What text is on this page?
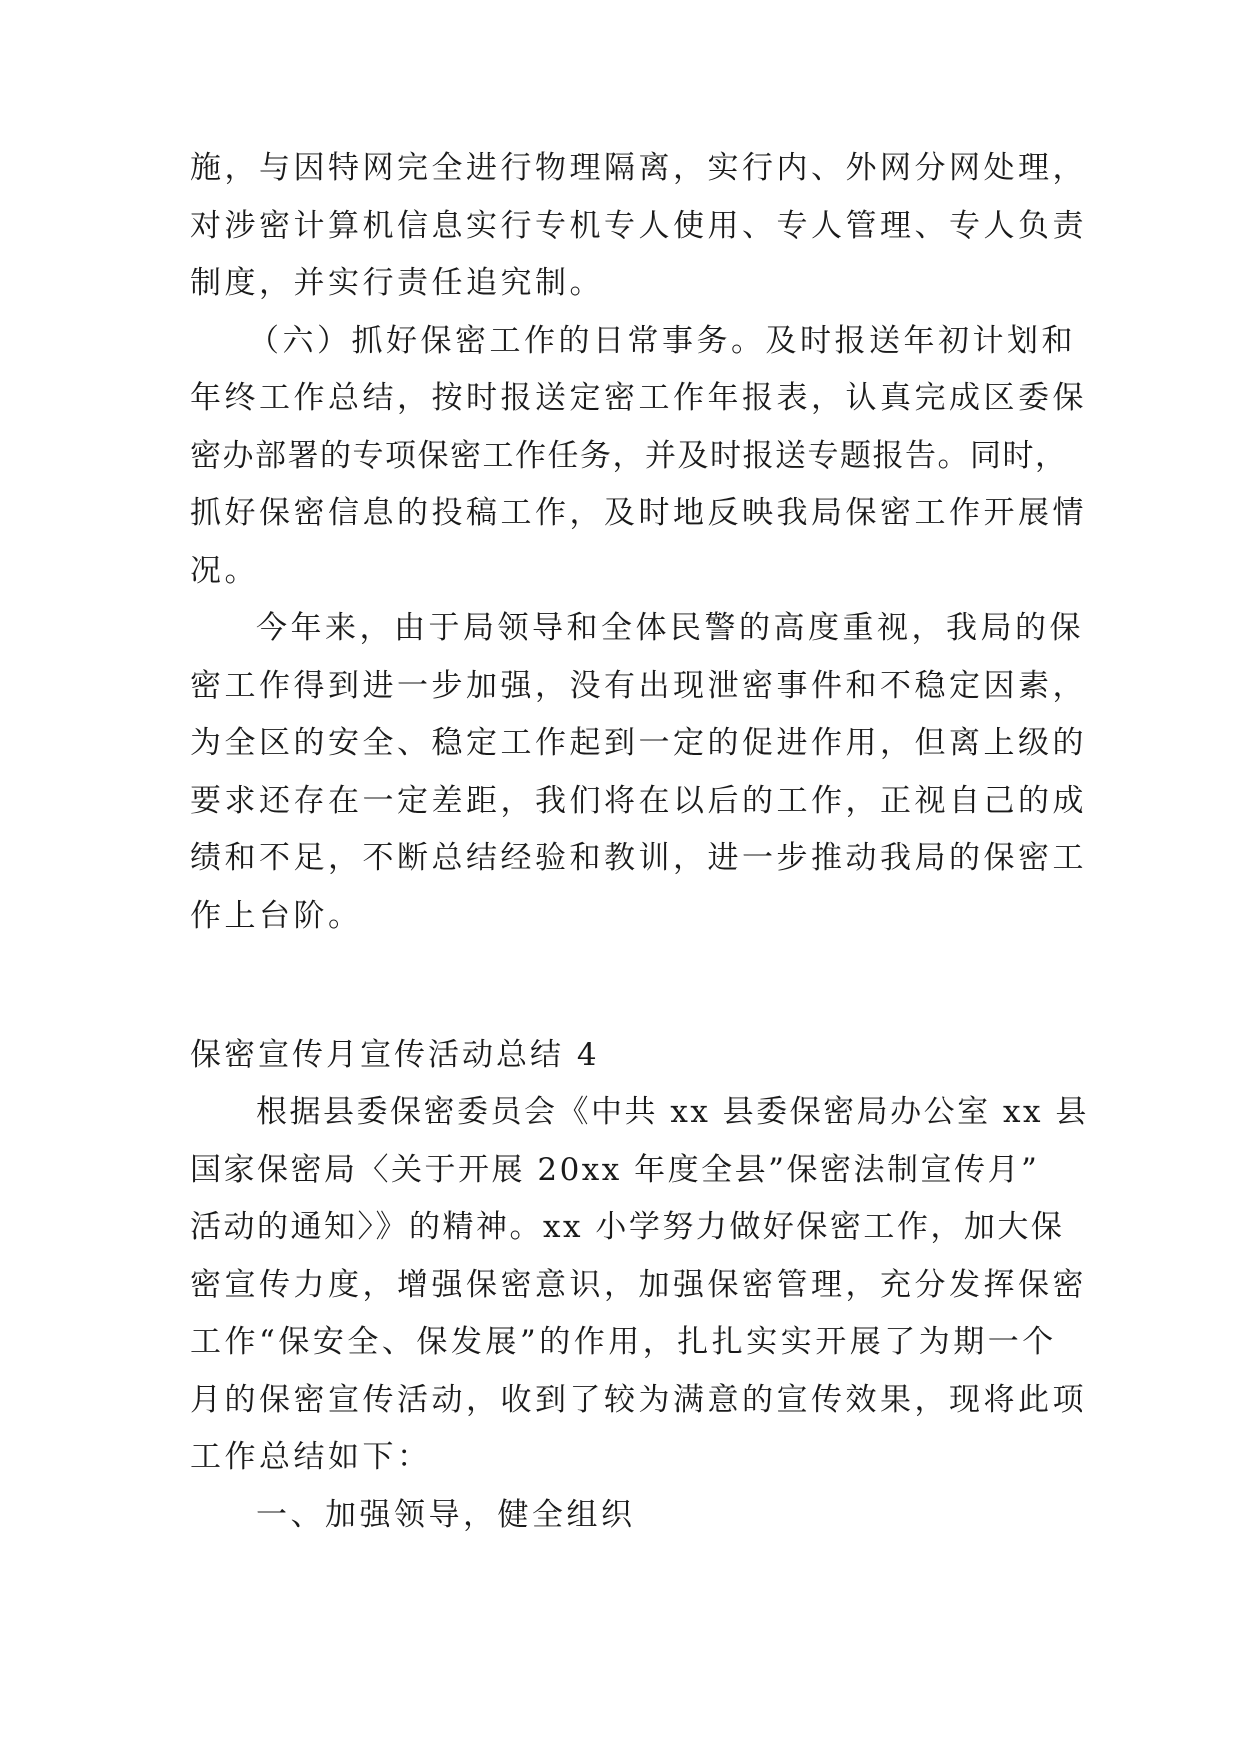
施，与因特网完全进行物理隔离，实行内、外网分网处理，
对涉密计算机信息实行专机专人使用、专人管理、专人负责
制度，并实行责任追究制。
（六）抓好保密工作的日常事务。及时报送年初计划和
年终工作总结，按时报送定密工作年报表，认真完成区委保
密办部署的专项保密工作任务，并及时报送专题报告。同时，
抓好保密信息的投稿工作，及时地反映我局保密工作开展情
况。
今年来，由于局领导和全体民警的高度重视，我局的保
密工作得到进一步加强，没有出现泄密事件和不稳定因素，
为全区的安全、稳定工作起到一定的促进作用，但离上级的
要求还存在一定差距，我们将在以后的工作，正视自己的成
绩和不足，不断总结经验和教训，进一步推动我局的保密工
作上台阶。
保密宣传月宣传活动总结 4
根据县委保密委员会《中共 xx 县委保密局办公室 xx 县
国家保密局〈关于开展 20xx 年度全县”保密法制宣传月”
活动的通知〉》的精神。xx 小学努力做好保密工作，加大保
密宣传力度，增强保密意识，加强保密管理，充分发挥保密
工作“保安全、保发展”的作用，扎扎实实开展了为期一个
月的保密宣传活动，收到了较为满意的宣传效果，现将此项
工作总结如下：
一、加强领导，健全组织
